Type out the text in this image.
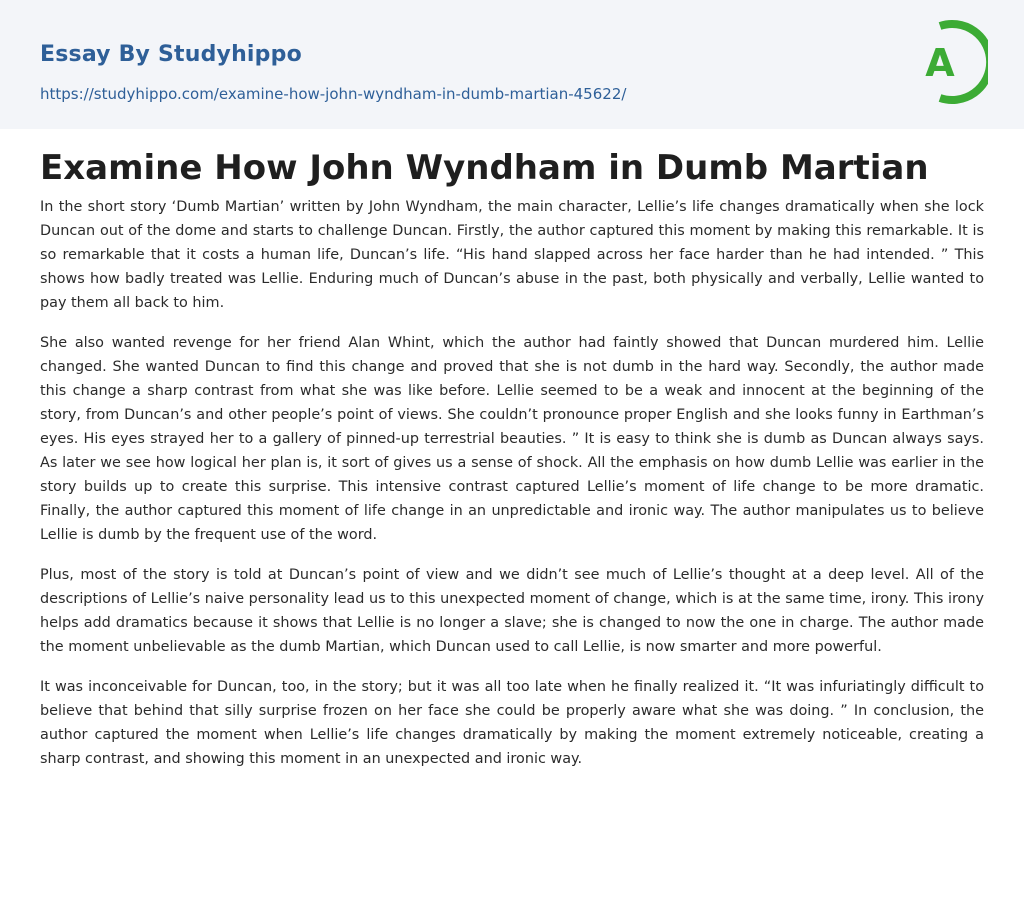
Essay By Studyhippo
https://studyhippo.com/examine-how-john-wyndham-in-dumb-martian-45622/
A
Examine How John Wyndham in Dumb Martian

In the short story ‘Dumb Martian’ written by John Wyndham, the main character, Lellie’s life changes dramatically when she lock Duncan out of the dome and starts to challenge Duncan. Firstly, the author captured this moment by making this remarkable. It is so remarkable that it costs a human life, Duncan’s life. “His hand slapped across her face harder than he had intended. ” This shows how badly treated was Lellie. Enduring much of Duncan’s abuse in the past, both physically and verbally, Lellie wanted to pay them all back to him.

She also wanted revenge for her friend Alan Whint, which the author had faintly showed that Duncan murdered him. Lellie changed. She wanted Duncan to find this change and proved that she is not dumb in the hard way. Secondly, the author made this change a sharp contrast from what she was like before. Lellie seemed to be a weak and innocent at the beginning of the story, from Duncan’s and other people’s point of views. She couldn’t pronounce proper English and she looks funny in Earthman’s eyes. His eyes strayed her to a gallery of pinned-up terrestrial beauties. ” It is easy to think she is dumb as Duncan always says. As later we see how logical her plan is, it sort of gives us a sense of shock. All the emphasis on how dumb Lellie was earlier in the story builds up to create this surprise. This intensive contrast captured Lellie’s moment of life change to be more dramatic. Finally, the author captured this moment of life change in an unpredictable and ironic way. The author manipulates us to believe Lellie is dumb by the frequent use of the word.

Plus, most of the story is told at Duncan’s point of view and we didn’t see much of Lellie’s thought at a deep level. All of the descriptions of Lellie’s naive personality lead us to this unexpected moment of change, which is at the same time, irony. This irony helps add dramatics because it shows that Lellie is no longer a slave; she is changed to now the one in charge. The author made the moment unbelievable as the dumb Martian, which Duncan used to call Lellie, is now smarter and more powerful.

It was inconceivable for Duncan, too, in the story; but it was all too late when he finally realized it. “It was infuriatingly difficult to believe that behind that silly surprise frozen on her face she could be properly aware what she was doing. ” In conclusion, the author captured the moment when Lellie’s life changes dramatically by making the moment extremely noticeable, creating a sharp contrast, and showing this moment in an unexpected and ironic way.
